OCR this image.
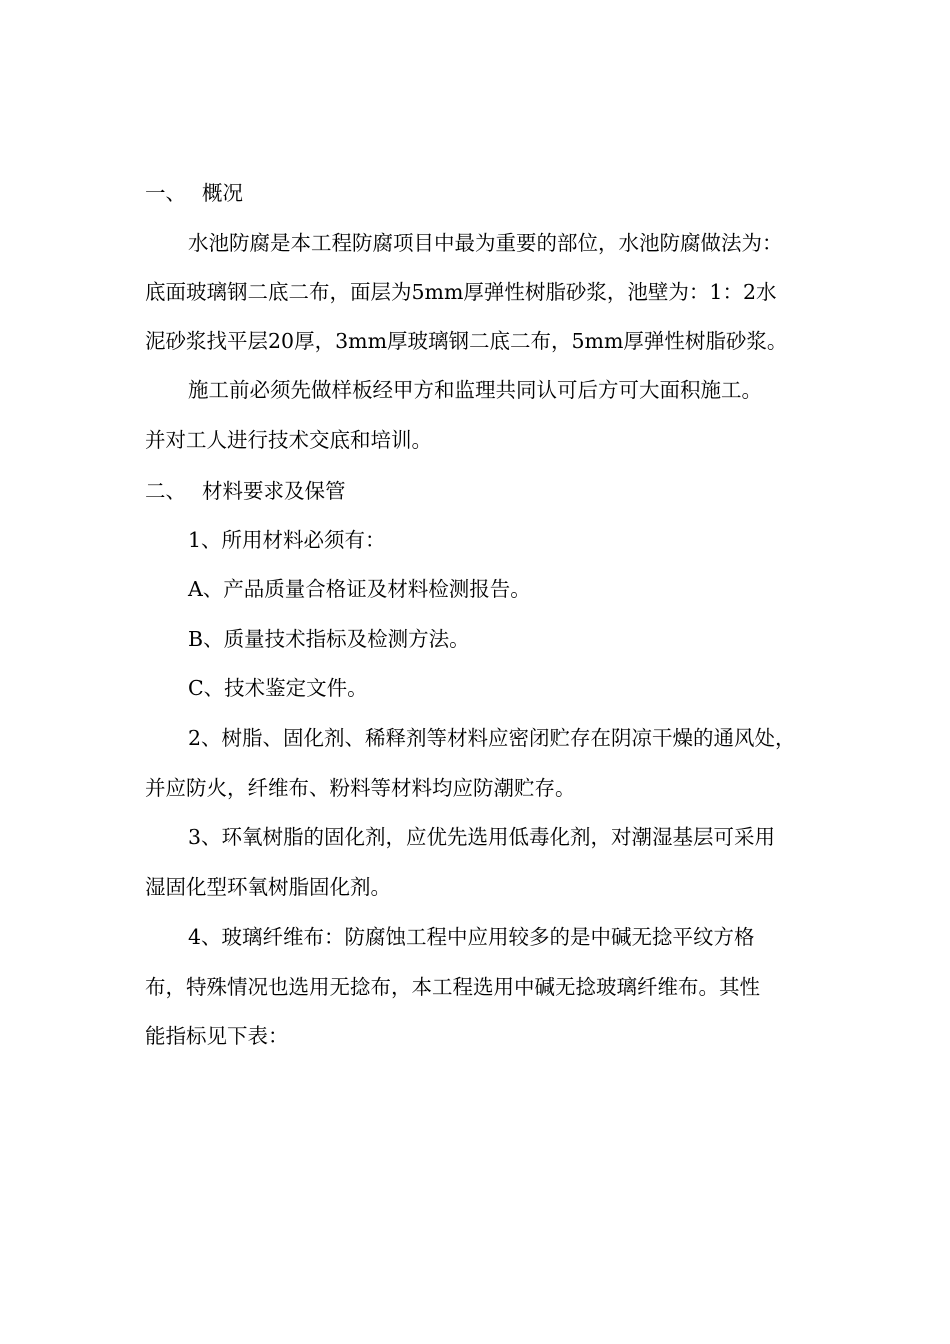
一、 概况
水池防腐是本工程防腐项目中最为重要的部位，水池防腐做法为：
底面玻璃钢二底二布，面层为5mm厚弹性树脂砂浆，池壁为：1：2水
泥砂浆找平层20厚，3mm厚玻璃钢二底二布，5mm厚弹性树脂砂浆。
施工前必须先做样板经甲方和监理共同认可后方可大面积施工。
并对工人进行技术交底和培训。
二、 材料要求及保管
1、所用材料必须有：
A、产品质量合格证及材料检测报告。
B、质量技术指标及检测方法。
C、技术鉴定文件。
2、树脂、固化剂、稀释剂等材料应密闭贮存在阴凉干燥的通风处，
并应防火，纤维布、粉料等材料均应防潮贮存。
3、环氧树脂的固化剂，应优先选用低毒化剂，对潮湿基层可采用
湿固化型环氧树脂固化剂。
4、玻璃纤维布：防腐蚀工程中应用较多的是中碱无捻平纹方格
布，特殊情况也选用无捻布，本工程选用中碱无捻玻璃纤维布。其性
能指标见下表：
